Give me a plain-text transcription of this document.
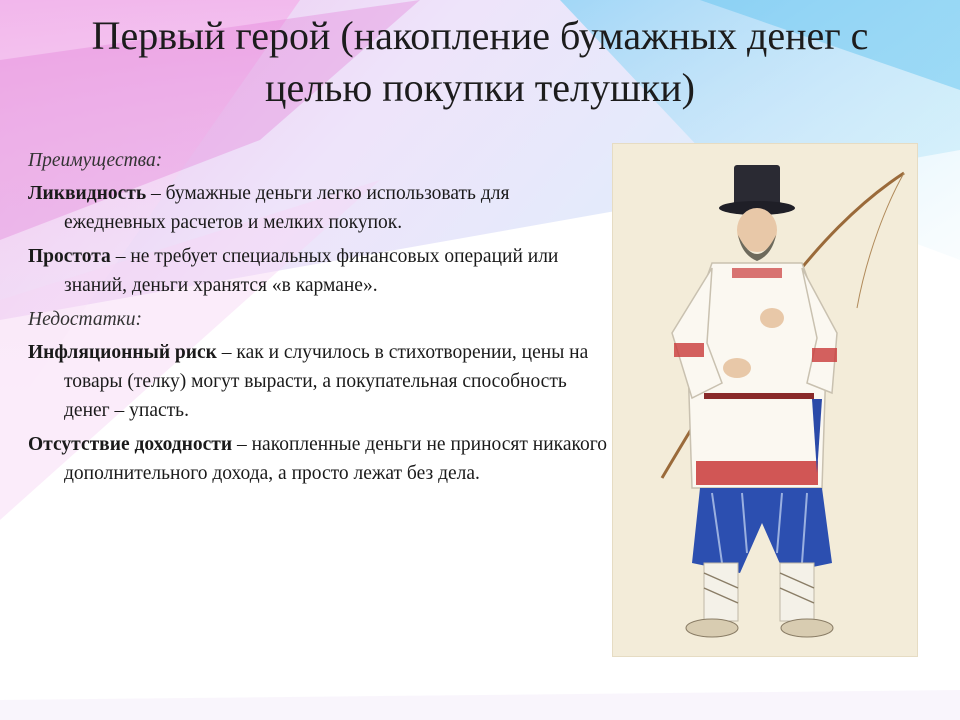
Первый герой (накопление бумажных денег с целью покупки телушки)
Преимущества:
Ликвидность – бумажные деньги легко использовать для ежедневных расчетов и мелких покупок.
Простота – не требует специальных финансовых операций или знаний, деньги хранятся «в кармане».
Недостатки:
Инфляционный риск – как и случилось в стихотворении, цены на товары (телку) могут вырасти, а покупательная способность денег – упасть.
Отсутствие доходности – накопленные деньги не приносят никакого дополнительного дохода, а просто лежат без дела.
